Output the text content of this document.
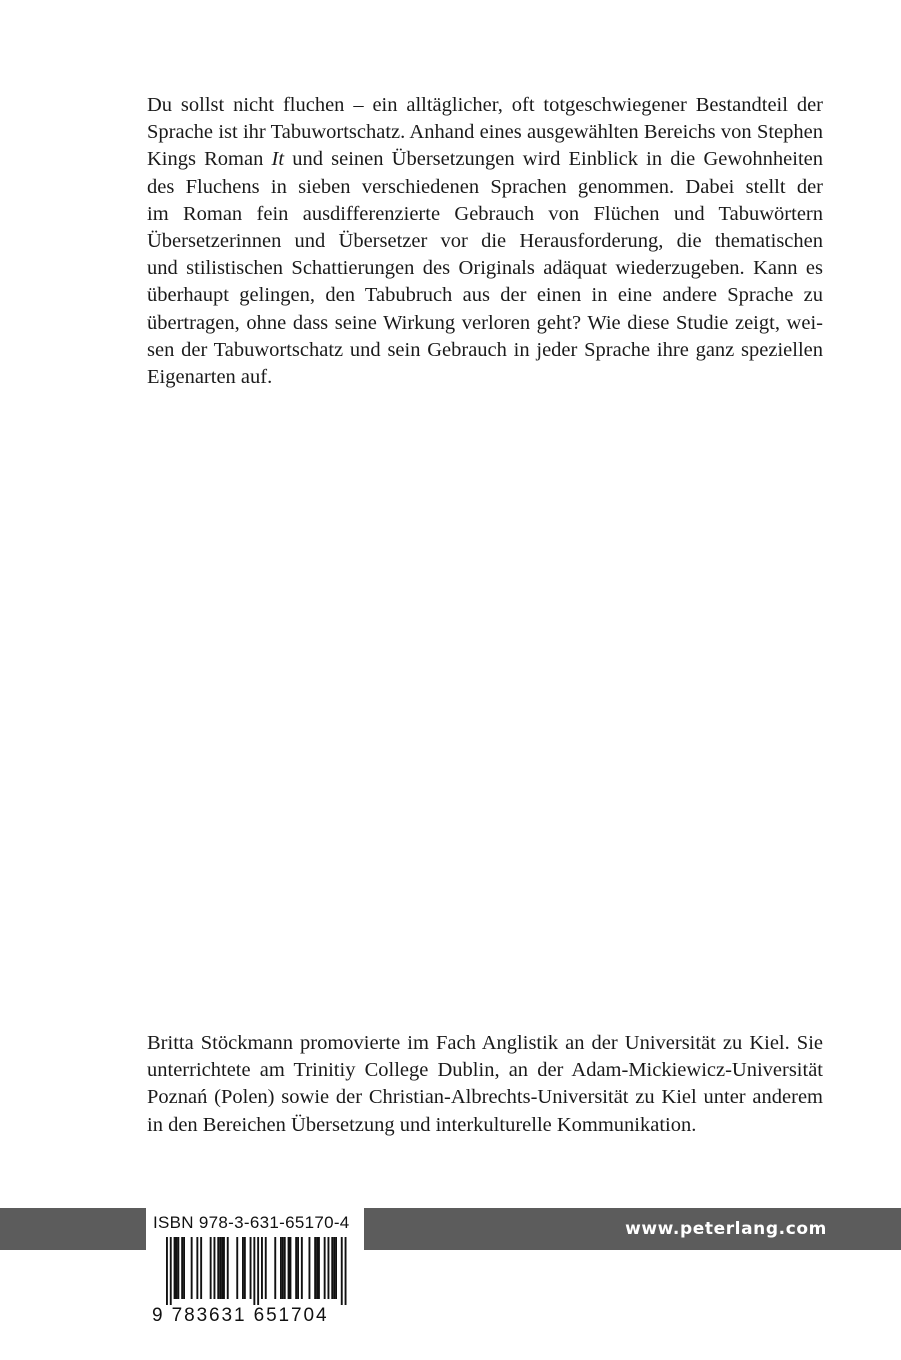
Du sollst nicht fluchen – ein alltäglicher, oft totgeschwiegener Bestandteil der
Sprache ist ihr Tabuwortschatz. Anhand eines ausgewählten Bereichs von Stephen
Kings Roman It und seinen Übersetzungen wird Einblick in die Gewohnheiten
des Fluchens in sieben verschiedenen Sprachen genommen. Dabei stellt der
im Roman fein ausdifferenzierte Gebrauch von Flüchen und Tabuwörtern
Übersetzerinnen und Übersetzer vor die Herausforderung, die thematischen
und stilistischen Schattierungen des Originals adäquat wiederzugeben. Kann es
überhaupt gelingen, den Tabubruch aus der einen in eine andere Sprache zu
übertragen, ohne dass seine Wirkung verloren geht? Wie diese Studie zeigt, wei-
sen der Tabuwortschatz und sein Gebrauch in jeder Sprache ihre ganz speziellen
Eigenarten auf.
Britta Stöckmann promovierte im Fach Anglistik an der Universität zu Kiel. Sie
unterrichtete am Trinitiy College Dublin, an der Adam-Mickiewicz-Universität
Poznań (Polen) sowie der Christian-Albrechts-Universität zu Kiel unter anderem
in den Bereichen Übersetzung und interkulturelle Kommunikation.
www.peterlang.com
ISBN 978-3-631-65170-4
9 783631 651704
